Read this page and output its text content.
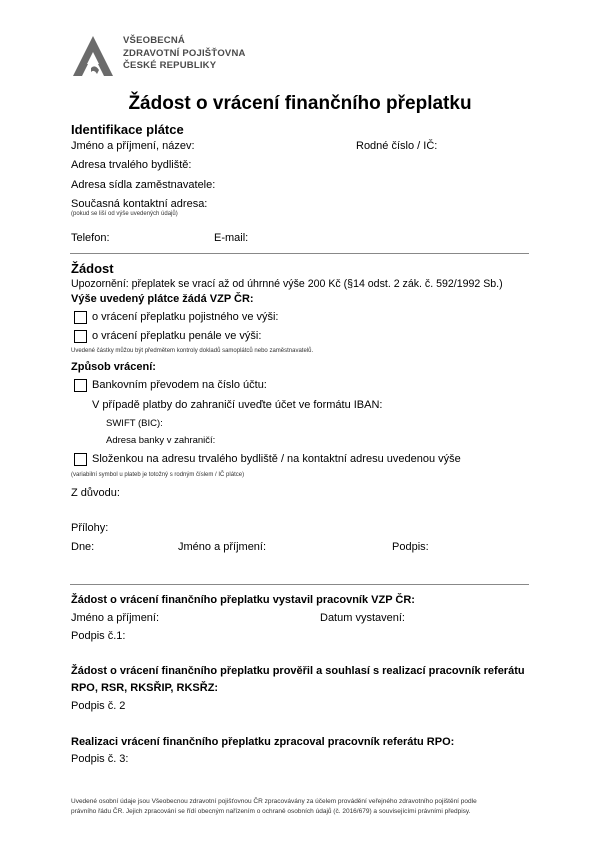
VŠEOBECNÁ
ZDRAVOTNÍ POJIŠŤOVNA
ČESKÉ REPUBLIKY
Žádost o vrácení finančního přeplatku
Identifikace plátce
Jméno a příjmení, název:	Rodné číslo / IČ:
Adresa trvalého bydliště:
Adresa sídla zaměstnavatele:
Současná kontaktní adresa:
(pokud se liší od výše uvedených údajů)
Telefon:	E-mail:
Žádost
Upozornění: přeplatek se vrací až od úhrnné výše 200 Kč (§14 odst. 2 zák. č. 592/1992 Sb.)
Výše uvedený plátce žádá VZP ČR:
o vrácení přeplatku pojistného ve výši:
o vrácení přeplatku penále ve výši:
Uvedené částky můžou být předmětem kontroly dokladů samoplátců nebo zaměstnavatelů.
Způsob vrácení:
Bankovním převodem na číslo účtu:
V případě platby do zahraničí uveďte účet ve formátu IBAN:
SWIFT (BIC):
Adresa banky v zahraničí:
Složenkou na adresu trvalého bydliště / na kontaktní adresu uvedenou výše
(variabilní symbol u plateb je totožný s rodným číslem / IČ plátce)
Z důvodu:
Přílohy:
Dne:	Jméno a příjmení:	Podpis:
Žádost o vrácení finančního přeplatku vystavil pracovník VZP ČR:
Jméno a příjmení:	Datum vystavení:
Podpis č.1:
Žádost o vrácení finančního přeplatku prověřil a souhlasí s realizací pracovník referátu
RPO, RSR, RKSŘIP, RKSŘZ:
Podpis č. 2
Realizaci vrácení finančního přeplatku zpracoval pracovník referátu RPO:
Podpis č. 3:
Uvedené osobní údaje jsou Všeobecnou zdravotní pojišťovnou ČR zpracovávány za účelem provádění veřejného zdravotního pojištění podle
právního řádu ČR. Jejich zpracování se řídí obecným nařízením o ochraně osobních údajů (č. 2016/679) a souvisejícími právními předpisy.
